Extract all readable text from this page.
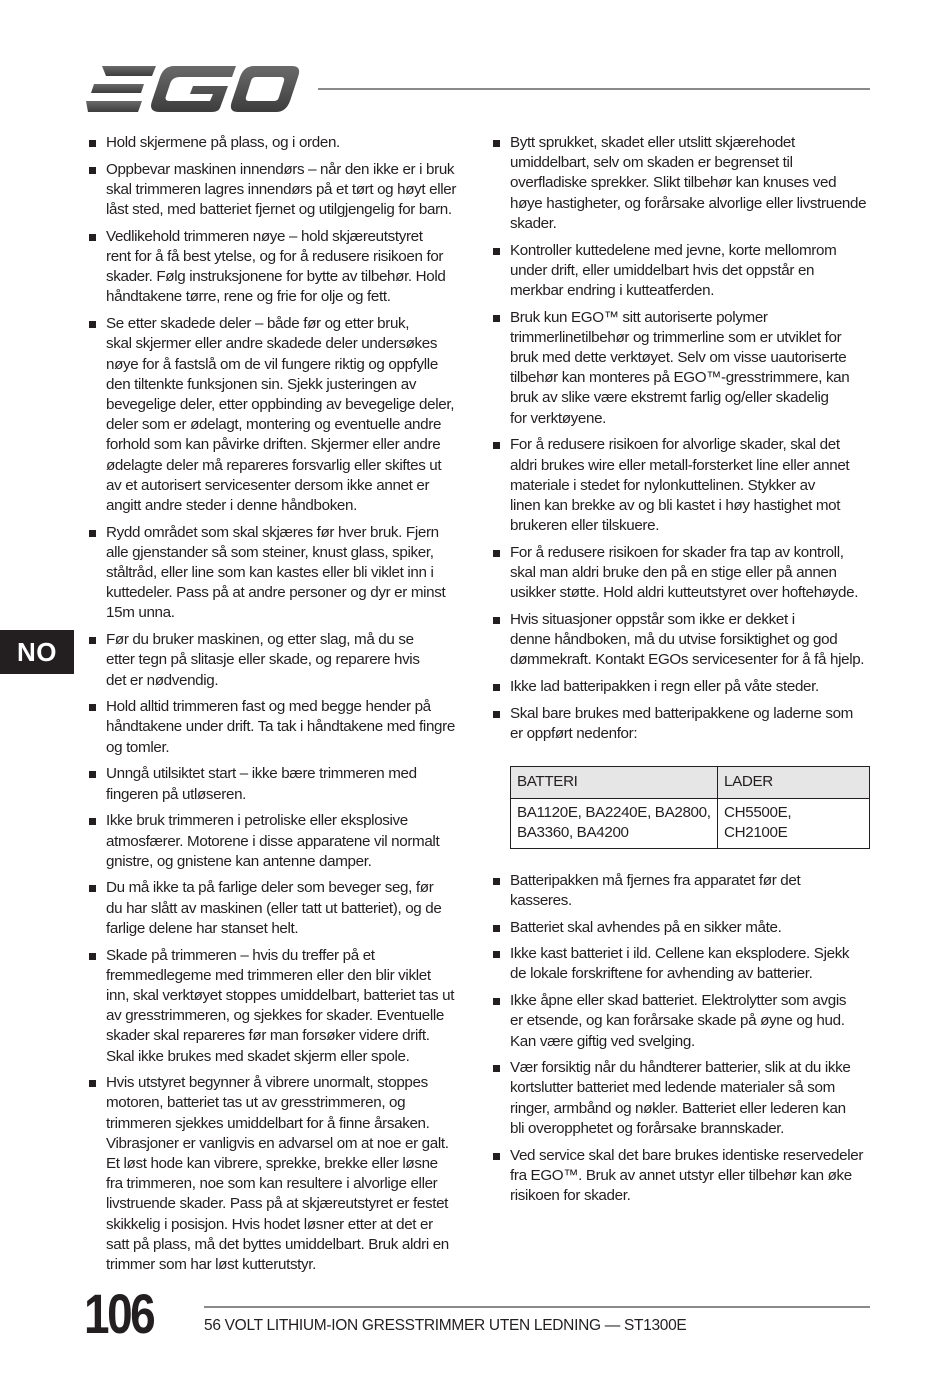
NO
Hold skjermene på plass, og i orden.
Oppbevar maskinen innendørs – når den ikke er i bruk
skal trimmeren lagres innendørs på et tørt og høyt eller
låst sted, med batteriet fjernet og utilgjengelig for barn.
Vedlikehold trimmeren nøye – hold skjæreutstyret
rent for å få best ytelse, og for å redusere risikoen for
skader. Følg instruksjonene for bytte av tilbehør. Hold
håndtakene tørre, rene og frie for olje og fett.
Se etter skadede deler – både før og etter bruk,
skal skjermer eller andre skadede deler undersøkes
nøye for å fastslå om de vil fungere riktig og oppfylle
den tiltenkte funksjonen sin. Sjekk justeringen av
bevegelige deler, etter oppbinding av bevegelige deler,
deler som er ødelagt, montering og eventuelle andre
forhold som kan påvirke driften. Skjermer eller andre
ødelagte deler må repareres forsvarlig eller skiftes ut
av et autorisert servicesenter dersom ikke annet er
angitt andre steder i denne håndboken.
Rydd området som skal skjæres før hver bruk. Fjern
alle gjenstander så som steiner, knust glass, spiker,
ståltråd, eller line som kan kastes eller bli viklet inn i
kuttedeler. Pass på at andre personer og dyr er minst
15m unna.
Før du bruker maskinen, og etter slag, må du se
etter tegn på slitasje eller skade, og reparere hvis
det er nødvendig.
Hold alltid trimmeren fast og med begge hender på
håndtakene under drift. Ta tak i håndtakene med fingre
og tomler.
Unngå utilsiktet start – ikke bære trimmeren med
fingeren på utløseren.
Ikke bruk trimmeren i petroliske eller eksplosive
atmosfærer. Motorene i disse apparatene vil normalt
gnistre, og gnistene kan antenne damper.
Du må ikke ta på farlige deler som beveger seg, før
du har slått av maskinen (eller tatt ut batteriet), og de
farlige delene har stanset helt.
Skade på trimmeren – hvis du treffer på et
fremmedlegeme med trimmeren eller den blir viklet
inn, skal verktøyet stoppes umiddelbart, batteriet tas ut
av gresstrimmeren, og sjekkes for skader. Eventuelle
skader skal repareres før man forsøker videre drift.
Skal ikke brukes med skadet skjerm eller spole.
Hvis utstyret begynner å vibrere unormalt, stoppes
motoren, batteriet tas ut av gresstrimmeren, og
trimmeren sjekkes umiddelbart for å finne årsaken.
Vibrasjoner er vanligvis en advarsel om at noe er galt.
Et løst hode kan vibrere, sprekke, brekke eller løsne
fra trimmeren, noe som kan resultere i alvorlige eller
livstruende skader. Pass på at skjæreutstyret er festet
skikkelig i posisjon. Hvis hodet løsner etter at det er
satt på plass, må det byttes umiddelbart. Bruk aldri en
trimmer som har løst kutterutstyr.
Bytt sprukket, skadet eller utslitt skjærehodet
umiddelbart, selv om skaden er begrenset til
overfladiske sprekker. Slikt tilbehør kan knuses ved
høye hastigheter, og forårsake alvorlige eller livstruende
skader.
Kontroller kuttedelene med jevne, korte mellomrom
under drift, eller umiddelbart hvis det oppstår en
merkbar endring i kutteatferden.
Bruk kun EGO™ sitt autoriserte polymer
trimmerlinetilbehør og trimmerline som er utviklet for
bruk med dette verktøyet. Selv om visse uautoriserte
tilbehør kan monteres på EGO™-gresstrimmere, kan
bruk av slike være ekstremt farlig og/eller skadelig
for verktøyene.
For å redusere risikoen for alvorlige skader, skal det
aldri brukes wire eller metall-forsterket line eller annet
materiale i stedet for nylonkuttelinen. Stykker av
linen kan brekke av og bli kastet i høy hastighet mot
brukeren eller tilskuere.
For å redusere risikoen for skader fra tap av kontroll,
skal man aldri bruke den på en stige eller på annen
usikker støtte. Hold aldri kutteutstyret over hoftehøyde.
Hvis situasjoner oppstår som ikke er dekket i
denne håndboken, må du utvise forsiktighet og god
dømmekraft. Kontakt EGOs servicesenter for å få hjelp.
Ikke lad batteripakken i regn eller på våte steder.
Skal bare brukes med batteripakkene og laderne som
er oppført nedenfor:
BATTERI	LADER

BA1120E, BA2240E, BA2800,
BA3360, BA4200	CH5500E,
CH2100E
Batteripakken må fjernes fra apparatet før det
kasseres.
Batteriet skal avhendes på en sikker måte.
Ikke kast batteriet i ild. Cellene kan eksplodere. Sjekk
de lokale forskriftene for avhending av batterier.
Ikke åpne eller skad batteriet. Elektrolytter som avgis
er etsende, og kan forårsake skade på øyne og hud.
Kan være giftig ved svelging.
Vær forsiktig når du håndterer batterier, slik at du ikke
kortslutter batteriet med ledende materialer så som
ringer, armbånd og nøkler. Batteriet eller lederen kan
bli overopphetet og forårsake brannskader.
Ved service skal det bare brukes identiske reservedeler
fra EGO™. Bruk av annet utstyr eller tilbehør kan øke
risikoen for skader.
106	56 VOLT LITHIUM-ION GRESSTRIMMER UTEN LEDNING — ST1300E
